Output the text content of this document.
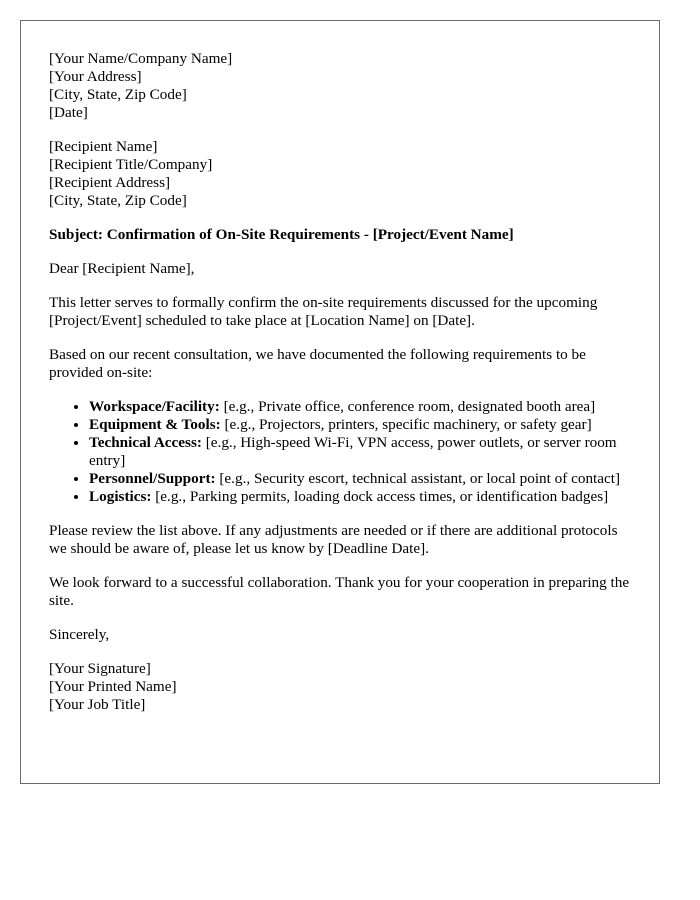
[Your Name/Company Name]
[Your Address]
[City, State, Zip Code]
[Date]
[Recipient Name]
[Recipient Title/Company]
[Recipient Address]
[City, State, Zip Code]
Subject: Confirmation of On-Site Requirements - [Project/Event Name]

Dear [Recipient Name],

This letter serves to formally confirm the on-site requirements discussed for the upcoming [Project/Event] scheduled to take place at [Location Name] on [Date].

Based on our recent consultation, we have documented the following requirements to be provided on-site:

• Workspace/Facility: [e.g., Private office, conference room, designated booth area]
• Equipment & Tools: [e.g., Projectors, printers, specific machinery, or safety gear]
• Technical Access: [e.g., High-speed Wi-Fi, VPN access, power outlets, or server room entry]
• Personnel/Support: [e.g., Security escort, technical assistant, or local point of contact]
• Logistics: [e.g., Parking permits, loading dock access times, or identification badges]

Please review the list above. If any adjustments are needed or if there are additional protocols we should be aware of, please let us know by [Deadline Date].

We look forward to a successful collaboration. Thank you for your cooperation in preparing the site.

Sincerely,

[Your Signature]
[Your Printed Name]
[Your Job Title]
